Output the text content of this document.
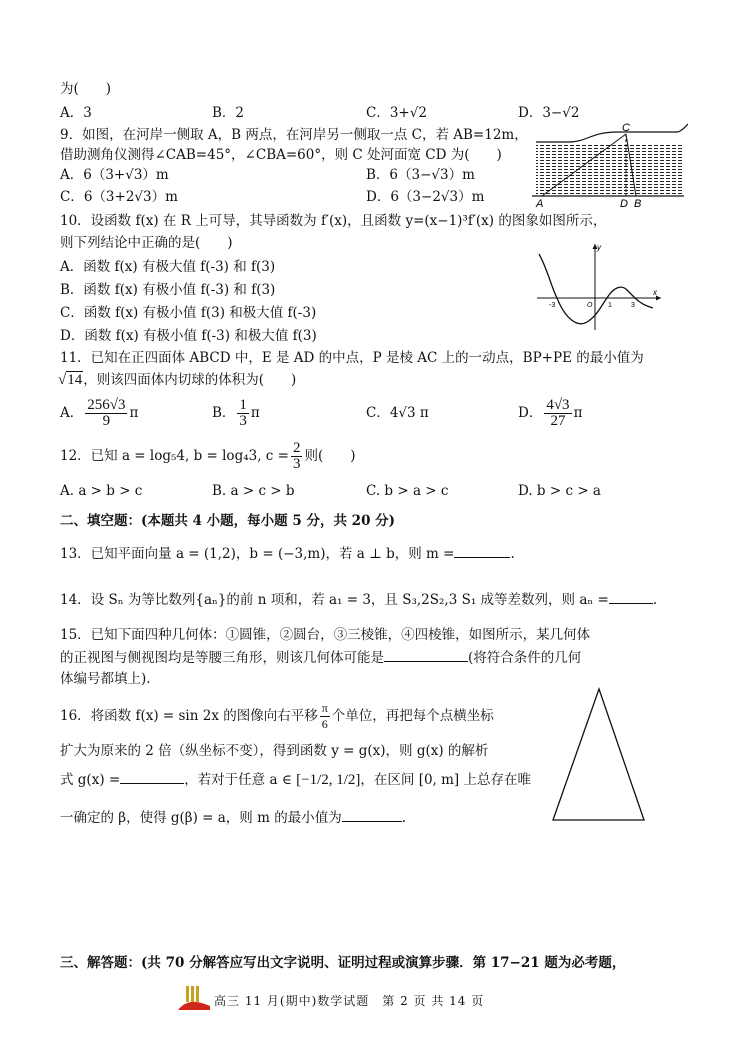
为(　　)
A．3	B．2	C．3+√2	D．3−√2
9．如图，在河岸一侧取 A，B 两点，在河岸另一侧取一点 C，若 AB=12m，
借助测角仪测得∠CAB=45°，∠CBA=60°，则 C 处河面宽 CD 为(　　)
A．6（3+√3）m	B．6（3−√3）m
C．6（3+2√3）m	D．6（3−2√3）m
C
A	D B
10．设函数 f(x) 在 R 上可导，其导函数为 f′(x)，且函数 y=(x−1)³f′(x) 的图象如图所示，
则下列结论中正确的是(　　)
A．函数 f(x) 有极大值 f(-3) 和 f(3)
B．函数 f(x) 有极小值 f(-3) 和 f(3)
C．函数 f(x) 有极小值 f(3) 和极大值 f(-3)
D．函数 f(x) 有极小值 f(-3) 和极大值 f(3)
y
x
O
-3	1	3
11．已知在正四面体 ABCD 中，E 是 AD 的中点，P 是棱 AC 上的一动点，BP+PE 的最小值为
√14，则该四面体内切球的体积为(　　)
A． $\frac{256√3}{9}$ π	B． $\frac{1}{3}$ π	C． 4√3 π	D． $\frac{4√3}{27}$ π
12．已知 a = log₅4, b = log₄3, $c = \frac{2}{3}$ 则(　　)
A. a > b > c	B. a > c > b	C. b > a > c	D. b > c > a
二、填空题：(本题共 4 小题，每小题 5 分，共 20 分)
13．已知平面向量 a = (1,2)，b = (−3,m)，若 a ⊥ b，则 m =	.
14．设 Sₙ 为等比数列{aₙ}的前 n 项和，若 a₁ = 3，且 S₃,2S₂,3 S₁ 成等差数列，则 aₙ =	.
15．已知下面四种几何体：①圆锥，②圆台，③三棱锥，④四棱锥，如图所示，某几何体
的正视图与侧视图均是等腰三角形，则该几何体可能是	(将符合条件的几何
体编号都填上)．
16．将函数 f(x) = sin 2x 的图像向右平移 $\frac{\pi}{6}$ 个单位，再把每个点横坐标
扩大为原来的 2 倍（纵坐标不变），得到函数 y = g(x)，则 g(x) 的解析
式 g(x) =	，若对于任意 a ∈ [−1/2, 1/2]，在区间 [0, m] 上总存在唯
一确定的 β，使得 g(β) = a，则 m 的最小值为	.
三、解答题：(共 70 分解答应写出文字说明、证明过程或演算步骤．第 17−21 题为必考题，
高三 11 月(期中)数学试题　第 2 页 共 14 页
